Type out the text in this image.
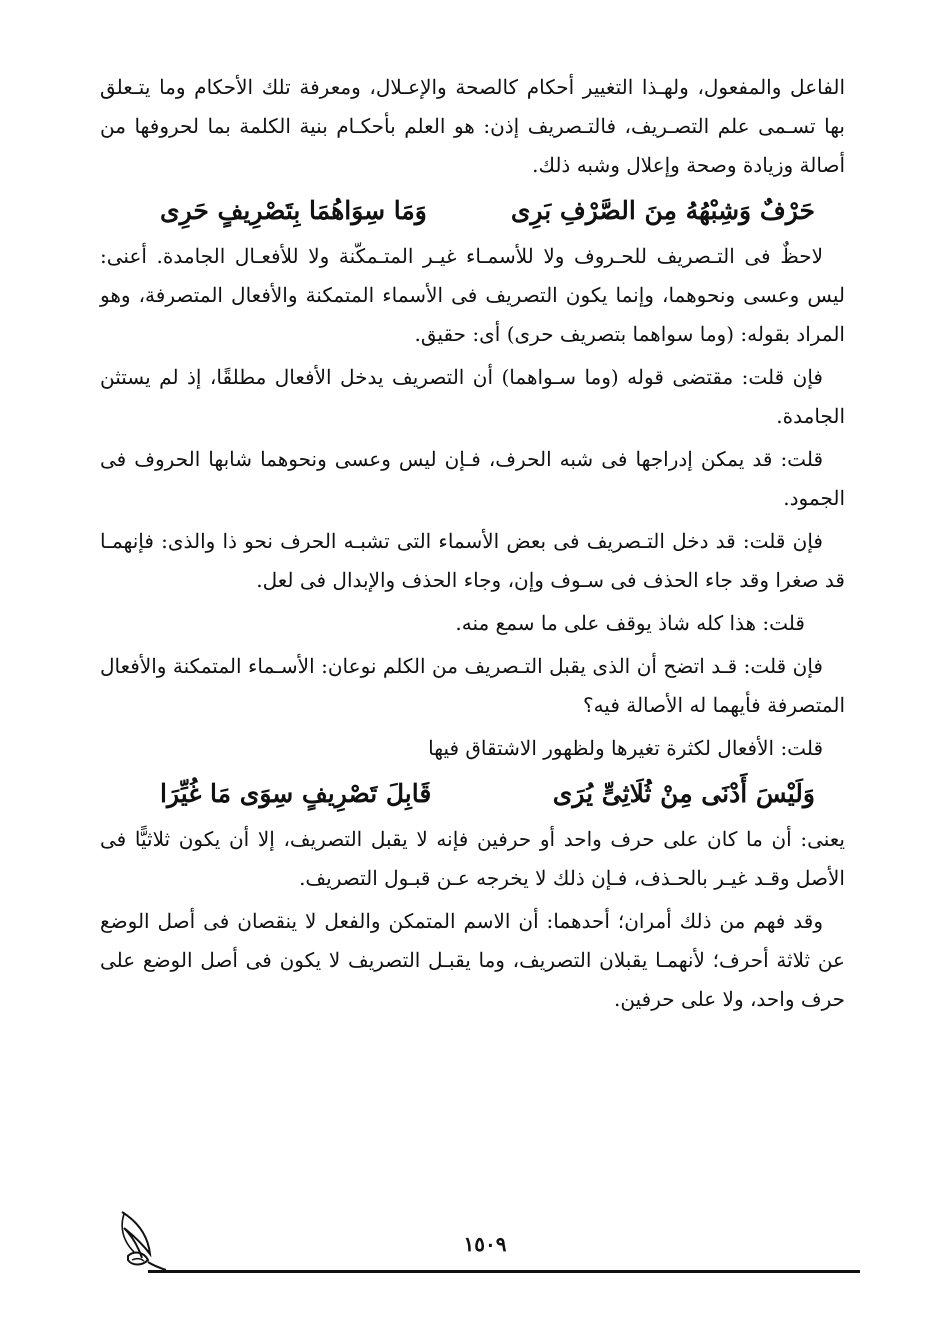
الفاعل والمفعول، ولهـذا التغيير أحكام كالصحة والإعـلال، ومعرفة تلك الأحكام وما يتـعلق بها تسـمى علم التصـريف، فالتـصريف إذن: هو العلم بأحكـام بنية الكلمة بما لحروفها من أصالة وزيادة وصحة وإعلال وشبه ذلك.

حَرْفٌ وَشِبْهُهُ مِنَ الصَّرْفِ بَرِى
وَمَا سِوَاهُمَا بِتَصْرِيفٍ حَرِى

لاحظٌ فى التـصريف للحـروف ولا للأسمـاء غيـر المتـمكّنة ولا للأفعـال الجامدة. أعنى: ليس وعسى ونحوهما، وإنما يكون التصريف فى الأسماء المتمكنة والأفعال المتصرفة، وهو المراد بقوله: (وما سواهما بتصريف حرى) أى: حقيق.

فإن قلت: مقتضى قوله (وما سـواهما) أن التصريف يدخل الأفعال مطلقًا، إذ لم يستثن الجامدة.

قلت: قد يمكن إدراجها فى شبه الحرف، فـإن ليس وعسى ونحوهما شابها الحروف فى الجمود.

فإن قلت: قد دخل التـصريف فى بعض الأسماء التى تشبـه الحرف نحو ذا والذى: فإنهمـا قد صغرا وقد جاء الحذف فى سـوف وإن، وجاء الحذف والإبدال فى لعل.

قلت: هذا كله شاذ يوقف على ما سمع منه.

فإن قلت: قـد اتضح أن الذى يقبل التـصريف من الكلم نوعان: الأسـماء المتمكنة والأفعال المتصرفة فأيهما له الأصالة فيه؟

قلت: الأفعال لكثرة تغيرها ولظهور الاشتقاق فيها

وَلَيْسَ أَدْنَى مِنْ ثُلَاثِىٍّ يُرَى
قَابِلَ تَصْرِيفٍ سِوَى مَا غُيِّرَا

يعنى: أن ما كان على حرف واحد أو حرفين فإنه لا يقبل التصريف، إلا أن يكون ثلاثيًّا فى الأصل وقـد غيـر بالحـذف، فـإن ذلك لا يخرجه عـن قبـول التصريف.

وقد فهم من ذلك أمران؛ أحدهما: أن الاسم المتمكن والفعل لا ينقصان فى أصل الوضع عن ثلاثة أحرف؛ لأنهمـا يقبلان التصريف، وما يقبـل التصريف لا يكون فى أصل الوضع على حرف واحد، ولا على حرفين.

١٥٠٩
